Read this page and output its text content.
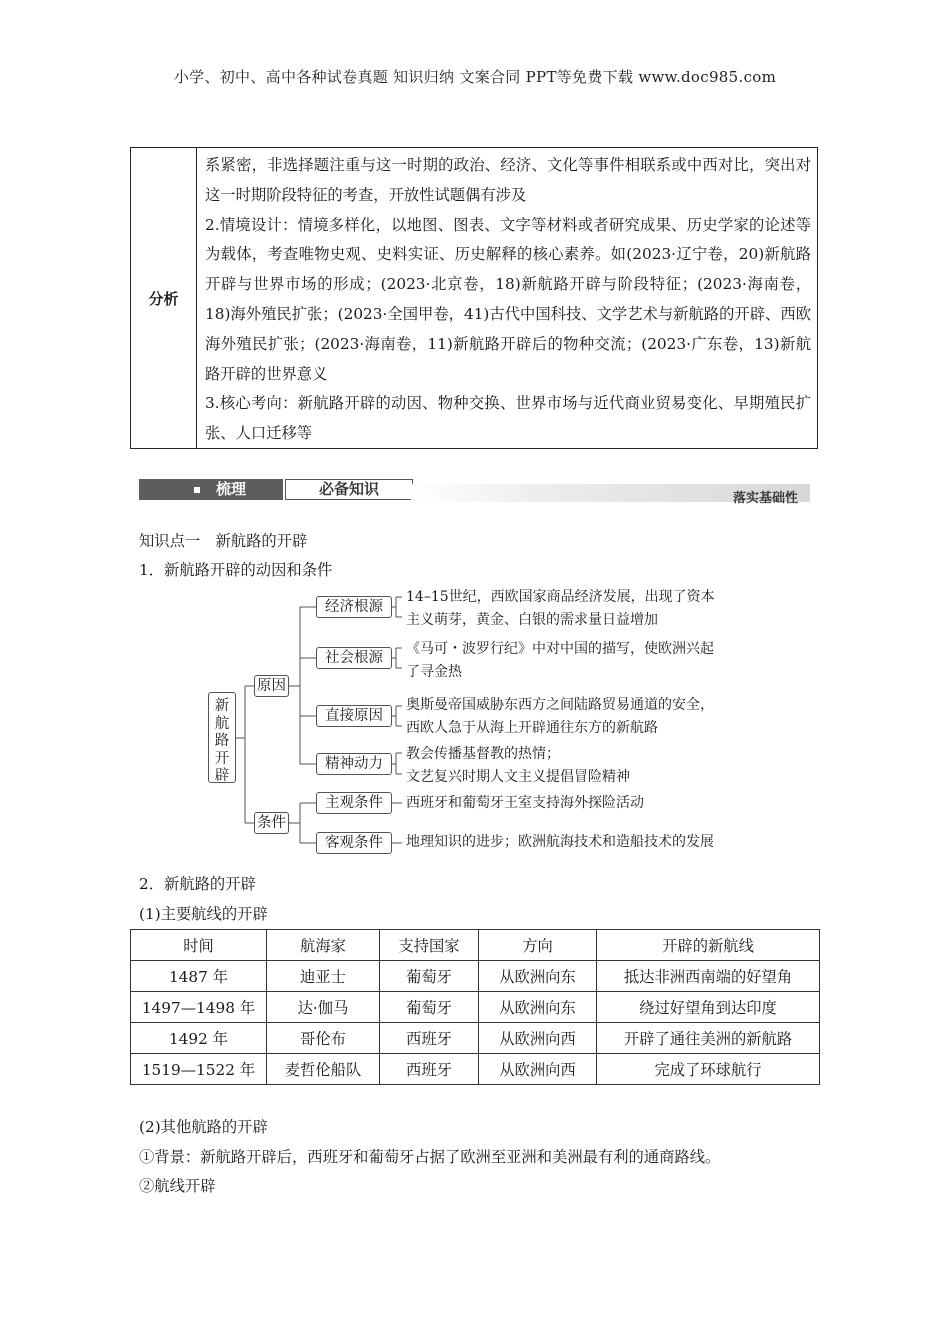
小学、初中、高中各种试卷真题 知识归纳 文案合同 PPT等免费下载 www.doc985.com
分析

系紧密，非选择题注重与这一时期的政治、经济、文化等事件相联系或中西对比，突出对这一时期阶段特征的考查，开放性试题偶有涉及

2.情境设计：情境多样化，以地图、图表、文字等材料或者研究成果、历史学家的论述等为载体，考查唯物史观、史料实证、历史解释的核心素养。如(2023·辽宁卷，20)新航路开辟与世界市场的形成；(2023·北京卷，18)新航路开辟与阶段特征；(2023·海南卷，18)海外殖民扩张；(2023·全国甲卷，41)古代中国科技、文学艺术与新航路的开辟、西欧海外殖民扩张；(2023·海南卷，11)新航路开辟后的物种交流；(2023·广东卷，13)新航路开辟的世界意义

3.核心考向：新航路开辟的动因、物种交换、世界市场与近代商业贸易变化、早期殖民扩张、人口迁移等

梳理	必备知识
落实基础性
知识点一　新航路的开辟
1．新航路开辟的动因和条件
新
航
路
开
辟
原因
条件
经济根源
社会根源
直接原因
精神动力
主观条件
客观条件
14–15世纪，西欧国家商品经济发展，出现了资本
主义萌芽，黄金、白银的需求量日益增加
《马可・波罗行纪》中对中国的描写，使欧洲兴起
了寻金热
奥斯曼帝国威胁东西方之间陆路贸易通道的安全，
西欧人急于从海上开辟通往东方的新航路
教会传播基督教的热情；
文艺复兴时期人文主义提倡冒险精神
西班牙和葡萄牙王室支持海外探险活动
地理知识的进步；欧洲航海技术和造船技术的发展
2．新航路的开辟
(1)主要航线的开辟
时间	航海家	支持国家	方向	开辟的新航线
1487 年	迪亚士	葡萄牙	从欧洲向东	抵达非洲西南端的好望角
1497—1498 年	达·伽马	葡萄牙	从欧洲向东	绕过好望角到达印度
1492 年	哥伦布	西班牙	从欧洲向西	开辟了通往美洲的新航路
1519—1522 年	麦哲伦船队	西班牙	从欧洲向西	完成了环球航行
(2)其他航路的开辟
①背景：新航路开辟后，西班牙和葡萄牙占据了欧洲至亚洲和美洲最有利的通商路线。
②航线开辟
